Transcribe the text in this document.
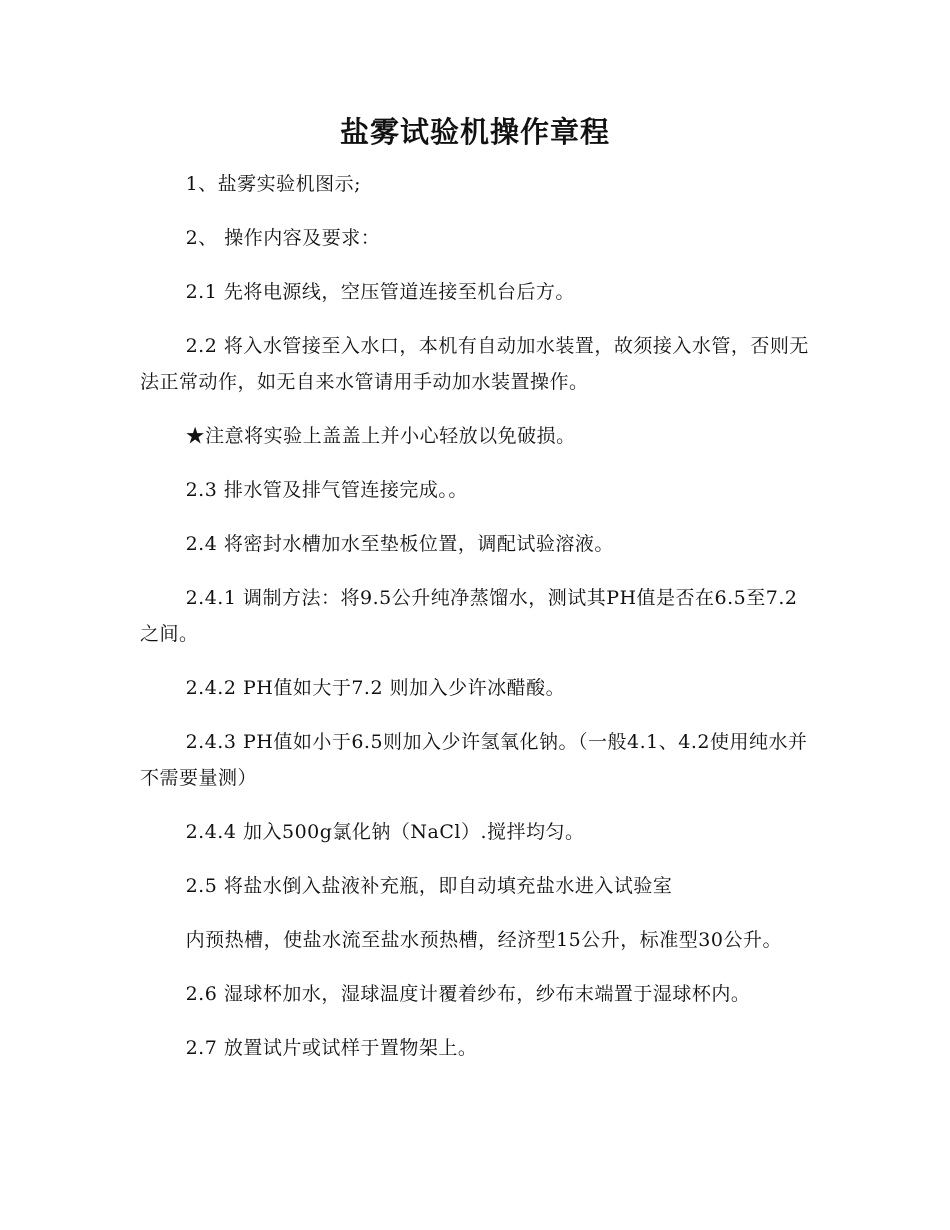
盐雾试验机操作章程

1、盐雾实验机图示;

2、 操作内容及要求：

2.1 先将电源线，空压管道连接至机台后方。

2.2 将入水管接至入水口，本机有自动加水装置，故须接入水管，否则无法正常动作，如无自来水管请用手动加水装置操作。

★注意将实验上盖盖上并小心轻放以免破损。

2.3 排水管及排气管连接完成。。

2.4 将密封水槽加水至垫板位置，调配试验溶液。

2.4.1 调制方法：将9.5公升纯净蒸馏水，测试其PH值是否在6.5至7.2之间。

2.4.2 PH值如大于7.2 则加入少许冰醋酸。

2.4.3 PH值如小于6.5则加入少许氢氧化钠。（一般4.1、4.2使用纯水并不需要量测）

2.4.4 加入500g氯化钠（NaCl）.搅拌均匀。

2.5 将盐水倒入盐液补充瓶，即自动填充盐水进入试验室

内预热槽，使盐水流至盐水预热槽，经济型15公升，标准型30公升。

2.6 湿球杯加水，湿球温度计覆着纱布，纱布末端置于湿球杯内。

2.7 放置试片或试样于置物架上。
